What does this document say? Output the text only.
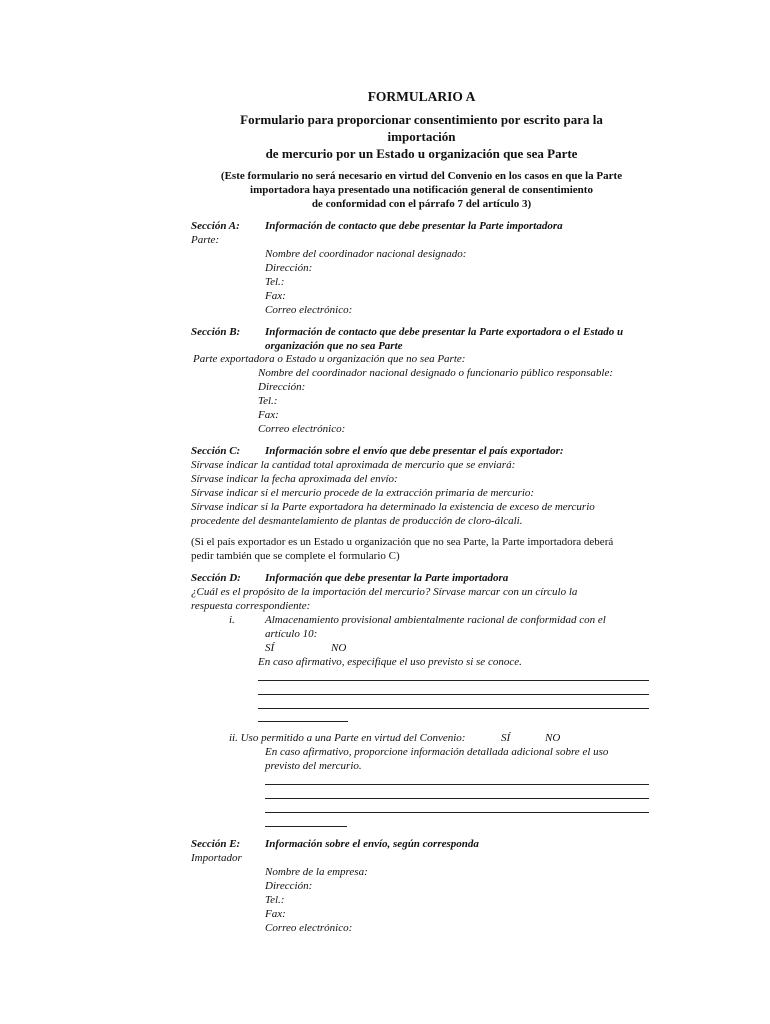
FORMULARIO A
Formulario para proporcionar consentimiento por escrito para la
importación
de mercurio por un Estado u organización que sea Parte
(Este formulario no será necesario en virtud del Convenio en los casos en que la Parte
importadora haya presentado una notificación general de consentimiento
de conformidad con el párrafo 7 del artículo 3)
Sección A: Información de contacto que debe presentar la Parte importadora
Parte:
Nombre del coordinador nacional designado:
Dirección:
Tel.:
Fax:
Correo electrónico:
Sección B: Información de contacto que debe presentar la Parte exportadora o el Estado u
organización que no sea Parte
Parte exportadora o Estado u organización que no sea Parte:
Nombre del coordinador nacional designado o funcionario público responsable:
Dirección:
Tel.:
Fax:
Correo electrónico:
Sección C: Información sobre el envío que debe presentar el país exportador:
Sírvase indicar la cantidad total aproximada de mercurio que se enviará:
Sírvase indicar la fecha aproximada del envío:
Sírvase indicar si el mercurio procede de la extracción primaria de mercurio:
Sírvase indicar si la Parte exportadora ha determinado la existencia de exceso de mercurio
procedente del desmantelamiento de plantas de producción de cloro-álcali.
(Si el país exportador es un Estado u organización que no sea Parte, la Parte importadora deberá
pedir también que se complete el formulario C)
Sección D: Información que debe presentar la Parte importadora
¿Cuál es el propósito de la importación del mercurio? Sírvase marcar con un círculo la
respuesta correspondiente:
i.	Almacenamiento provisional ambientalmente racional de conformidad con el
artículo 10:
SÍ	NO
En caso afirmativo, especifique el uso previsto si se conoce.
ii. Uso permitido a una Parte en virtud del Convenio:	SÍ	NO
En caso afirmativo, proporcione información detallada adicional sobre el uso
previsto del mercurio.
Sección E: Información sobre el envío, según corresponda
Importador
Nombre de la empresa:
Dirección:
Tel.:
Fax:
Correo electrónico:
